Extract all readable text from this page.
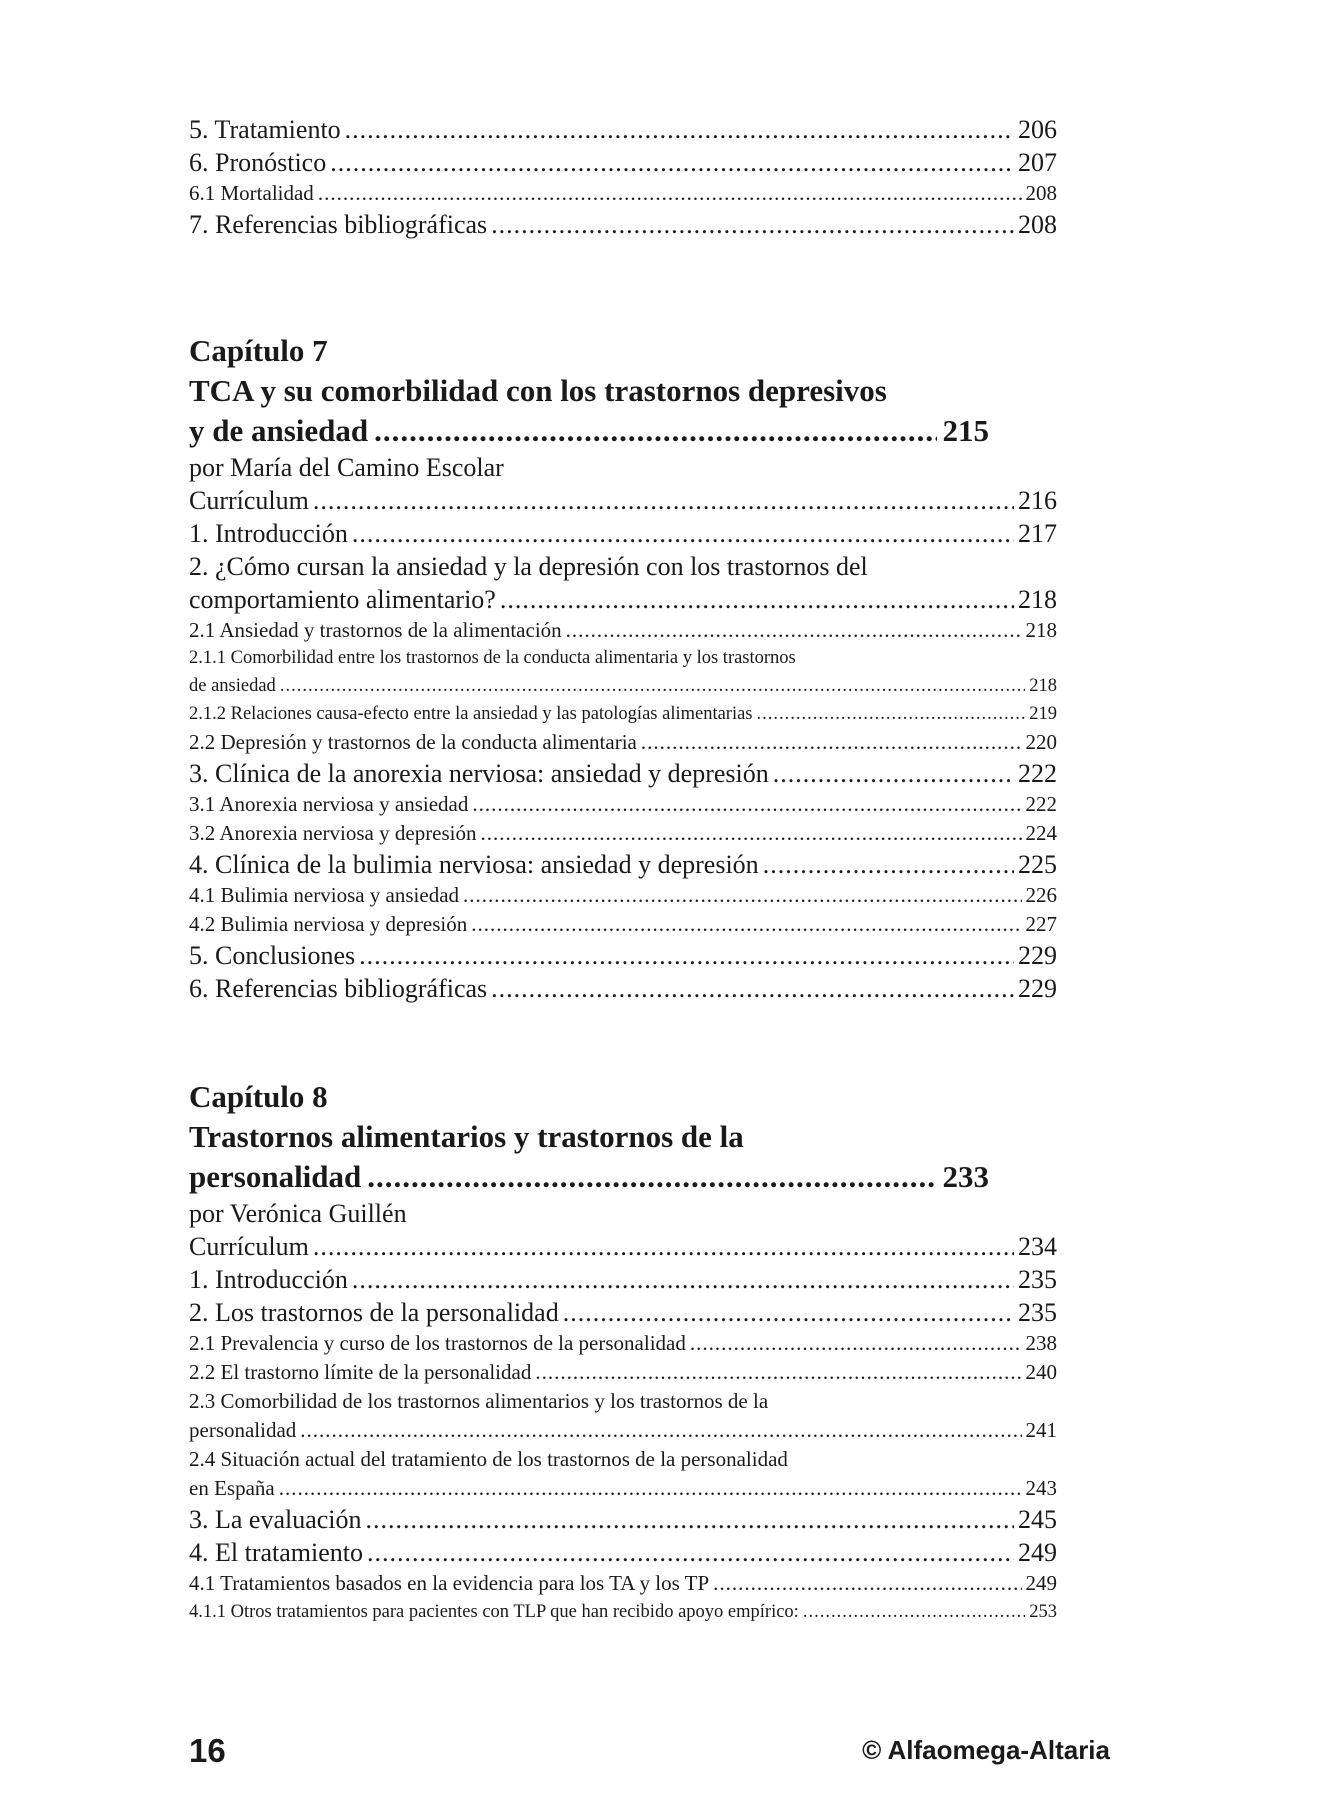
5. Tratamiento .....	206
6. Pronóstico .....	207
6.1 Mortalidad .....	208
7. Referencias bibliográficas .....	208
Capítulo 7
TCA y su comorbilidad con los trastornos depresivos
y de ansiedad .....	215
por María del Camino Escolar
Currículum .....	216
1. Introducción .....	217
2. ¿Cómo cursan la ansiedad y la depresión con los trastornos del
comportamiento alimentario? .....	218
2.1 Ansiedad y trastornos de la alimentación .....	218
2.1.1 Comorbilidad entre los trastornos de la conducta alimentaria y los trastornos
de ansiedad .....	218
2.1.2 Relaciones causa-efecto entre la ansiedad y las patologías alimentarias .....	219
2.2 Depresión y trastornos de la conducta alimentaria .....	220
3. Clínica de la anorexia nerviosa: ansiedad y depresión .....	222
3.1 Anorexia nerviosa y ansiedad .....	222
3.2 Anorexia nerviosa y depresión .....	224
4. Clínica de la bulimia nerviosa: ansiedad y depresión .....	225
4.1 Bulimia nerviosa y ansiedad .....	226
4.2 Bulimia nerviosa y depresión .....	227
5. Conclusiones .....	229
6. Referencias bibliográficas .....	229
Capítulo 8
Trastornos alimentarios y trastornos de la
personalidad .....	233
por Verónica Guillén
Currículum .....	234
1. Introducción .....	235
2. Los trastornos de la personalidad .....	235
2.1 Prevalencia y curso de los trastornos de la personalidad .....	238
2.2 El trastorno límite de la personalidad .....	240
2.3 Comorbilidad de los trastornos alimentarios y los trastornos de la
personalidad .....	241
2.4 Situación actual del tratamiento de los trastornos de la personalidad
en España .....	243
3. La evaluación .....	245
4. El tratamiento .....	249
4.1 Tratamientos basados en la evidencia para los TA y los TP .....	249
4.1.1 Otros tratamientos para pacientes con TLP que han recibido apoyo empírico: .....	253
16	© Alfaomega-Altaria
